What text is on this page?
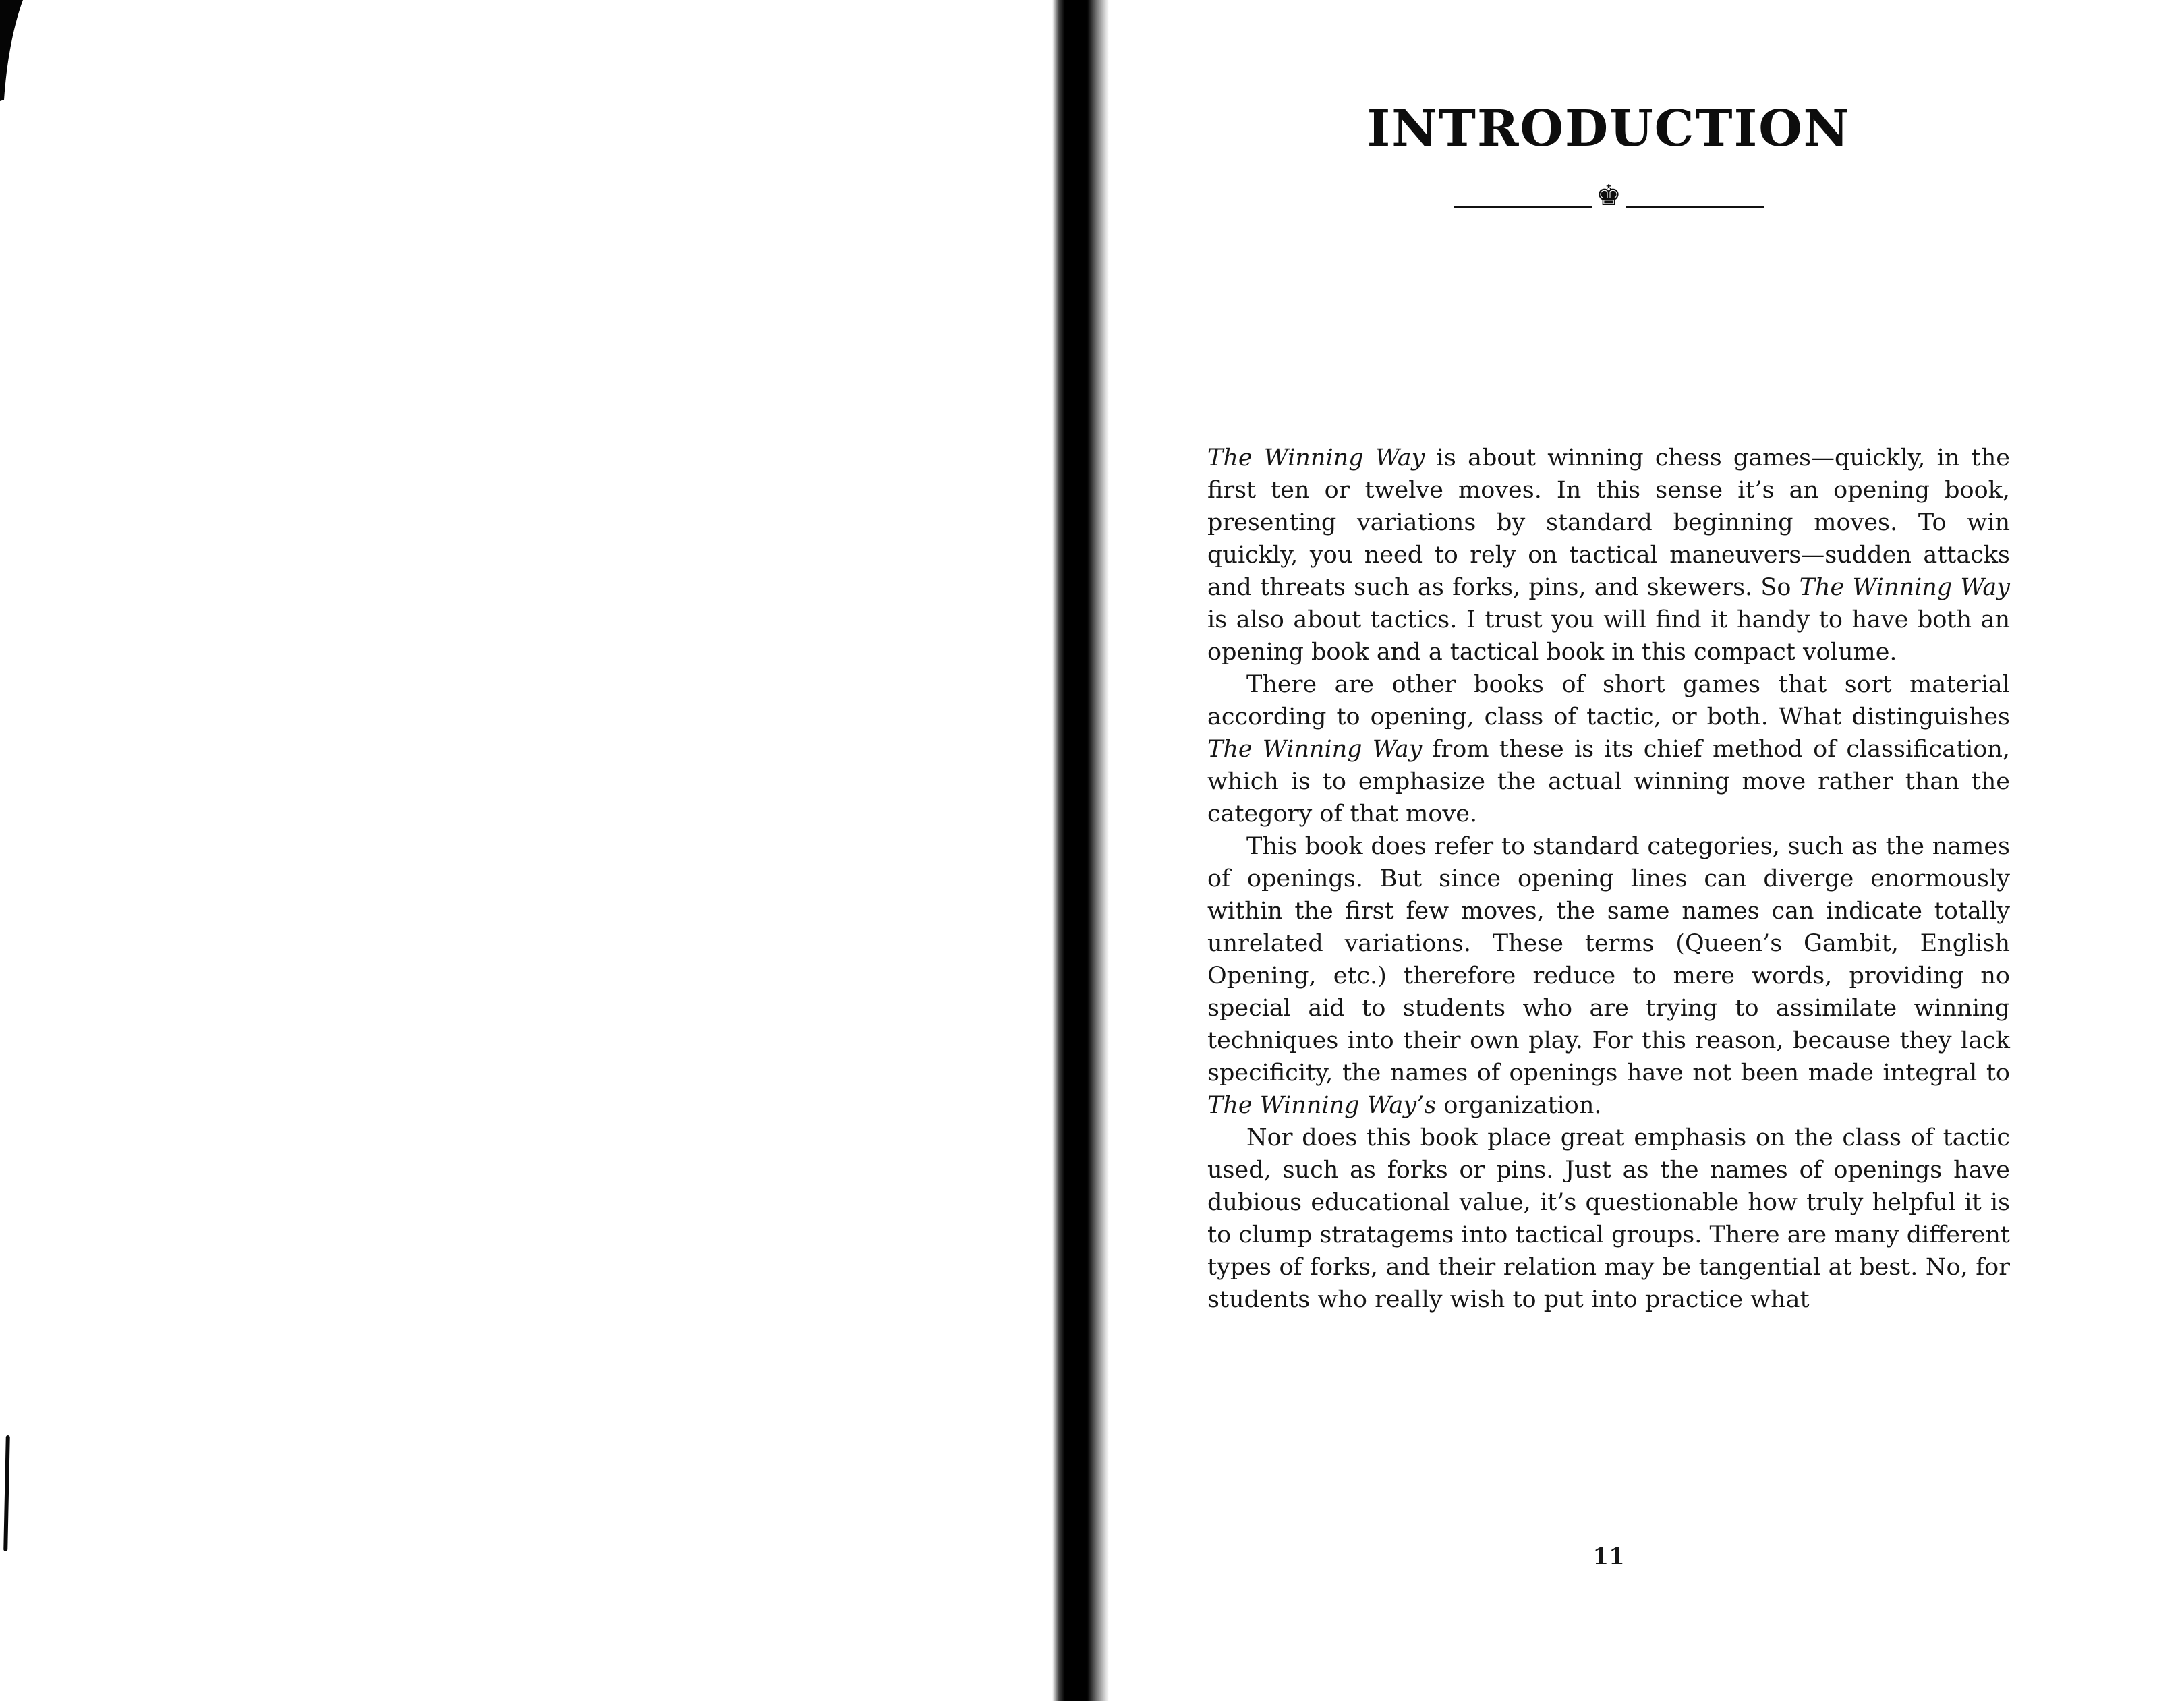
INTRODUCTION
♚

The Winning Way is about winning chess games—quickly, in the first ten or twelve moves. In this sense it’s an opening book, presenting variations by standard beginning moves. To win quickly, you need to rely on tactical maneuvers—sudden attacks and threats such as forks, pins, and skewers. So The Winning Way is also about tactics. I trust you will find it handy to have both an opening book and a tactical book in this compact volume.

There are other books of short games that sort material according to opening, class of tactic, or both. What distinguishes The Winning Way from these is its chief method of classification, which is to emphasize the actual winning move rather than the category of that move.

This book does refer to standard categories, such as the names of openings. But since opening lines can diverge enormously within the first few moves, the same names can indicate totally unrelated variations. These terms (Queen’s Gambit, English Opening, etc.) therefore reduce to mere words, providing no special aid to students who are trying to assimilate winning techniques into their own play. For this reason, because they lack specificity, the names of openings have not been made integral to The Winning Way’s organization.

Nor does this book place great emphasis on the class of tactic used, such as forks or pins. Just as the names of openings have dubious educational value, it’s questionable how truly helpful it is to clump stratagems into tactical groups. There are many different types of forks, and their relation may be tangential at best. No, for students who really wish to put into practice what

11
